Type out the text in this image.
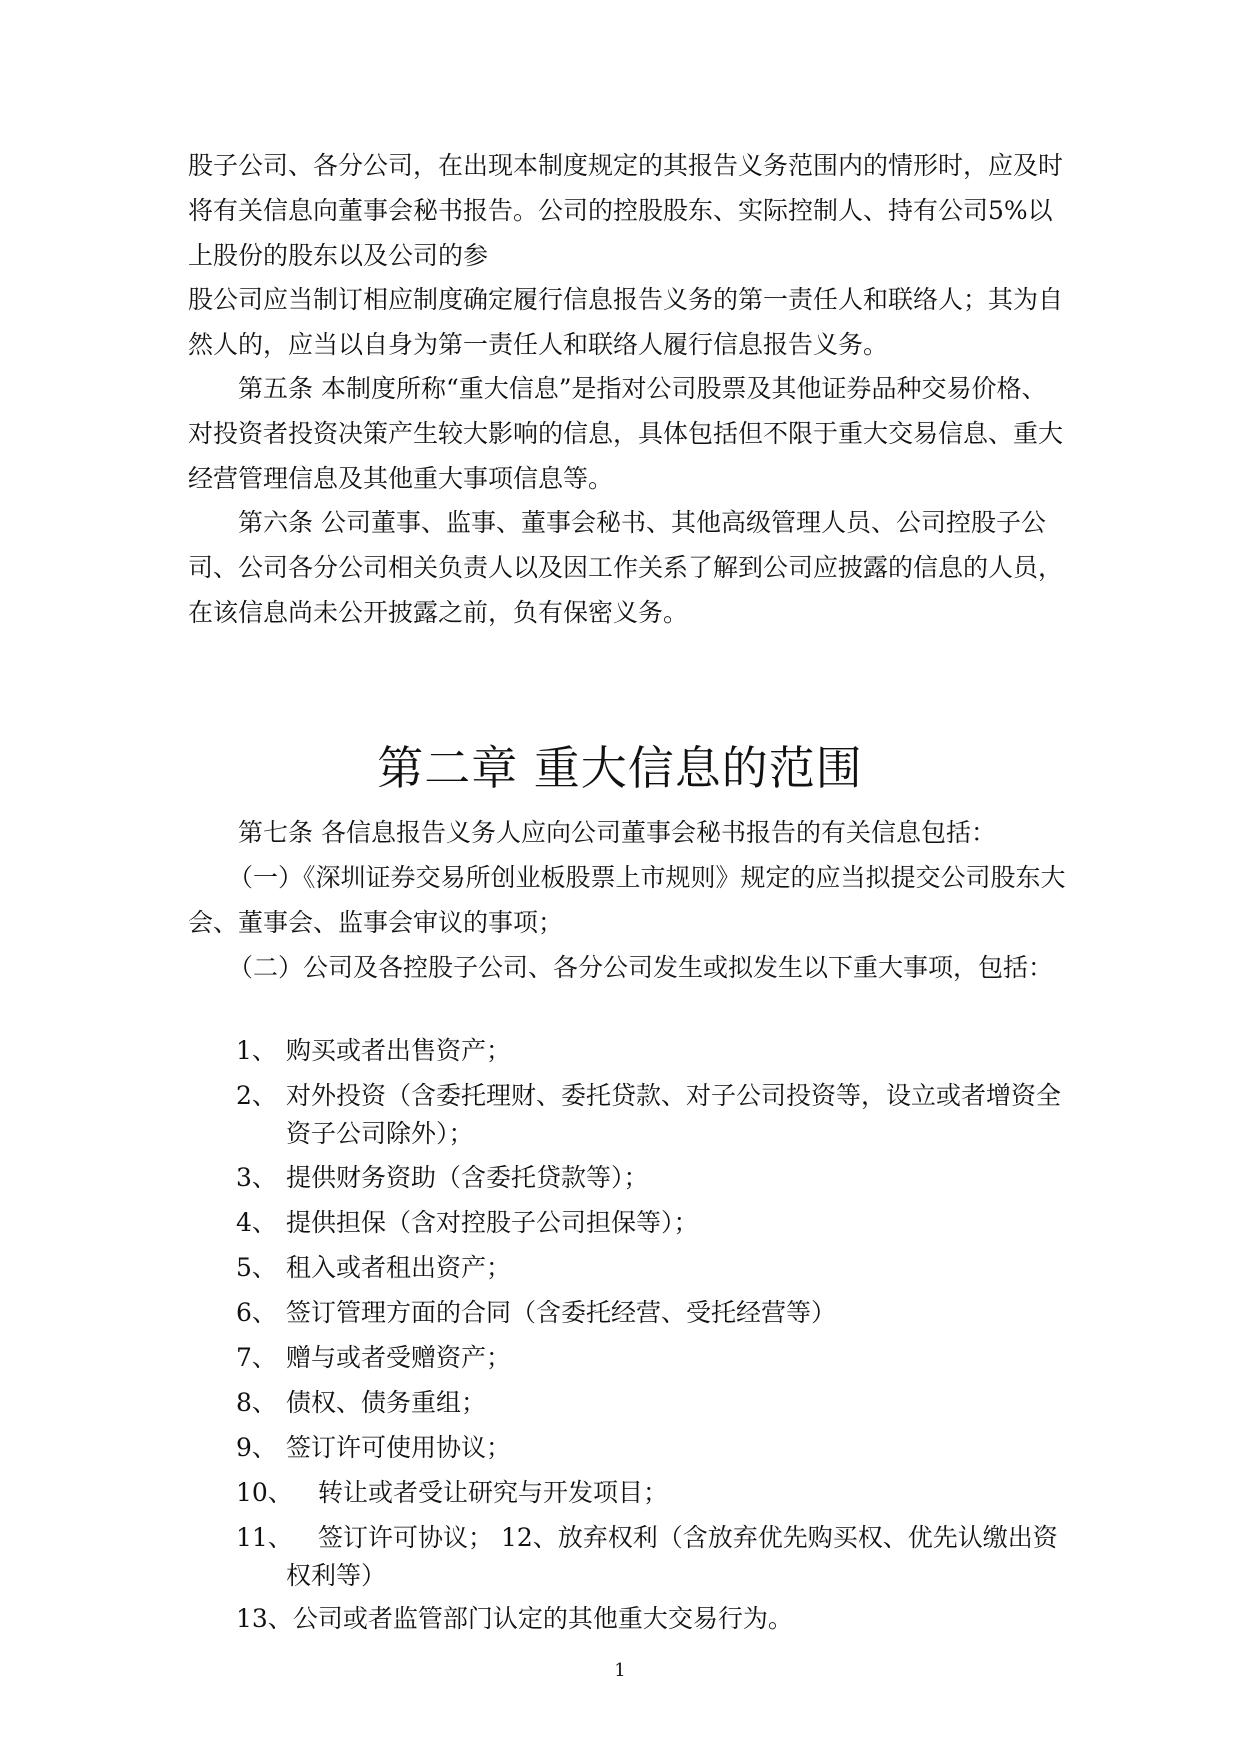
股子公司、各分公司，在出现本制度规定的其报告义务范围内的情形时，应及时将有关信息向董事会秘书报告。公司的控股股东、实际控制人、持有公司5%以上股份的股东以及公司的参

股公司应当制订相应制度确定履行信息报告义务的第一责任人和联络人；其为自然人的，应当以自身为第一责任人和联络人履行信息报告义务。

第五条 本制度所称“重大信息”是指对公司股票及其他证券品种交易价格、对投资者投资决策产生较大影响的信息，具体包括但不限于重大交易信息、重大经营管理信息及其他重大事项信息等。

第六条 公司董事、监事、董事会秘书、其他高级管理人员、公司控股子公司、公司各分公司相关负责人以及因工作关系了解到公司应披露的信息的人员，在该信息尚未公开披露之前，负有保密义务。

第二章 重大信息的范围

第七条 各信息报告义务人应向公司董事会秘书报告的有关信息包括：

（一）《深圳证券交易所创业板股票上市规则》规定的应当拟提交公司股东大会、董事会、监事会审议的事项；

（二）公司及各控股子公司、各分公司发生或拟发生以下重大事项，包括：

1、 购买或者出售资产；
2、 对外投资（含委托理财、委托贷款、对子公司投资等，设立或者增资全资子公司除外）；
3、 提供财务资助（含委托贷款等）；
4、 提供担保（含对控股子公司担保等）；
5、 租入或者租出资产；
6、 签订管理方面的合同（含委托经营、受托经营等）
7、 赠与或者受赠资产；
8、 债权、债务重组；
9、 签订许可使用协议；
10、 转让或者受让研究与开发项目；
11、	签订许可协议； 12、放弃权利（含放弃优先购买权、优先认缴出资权利等）
13、公司或者监管部门认定的其他重大交易行为。
1
